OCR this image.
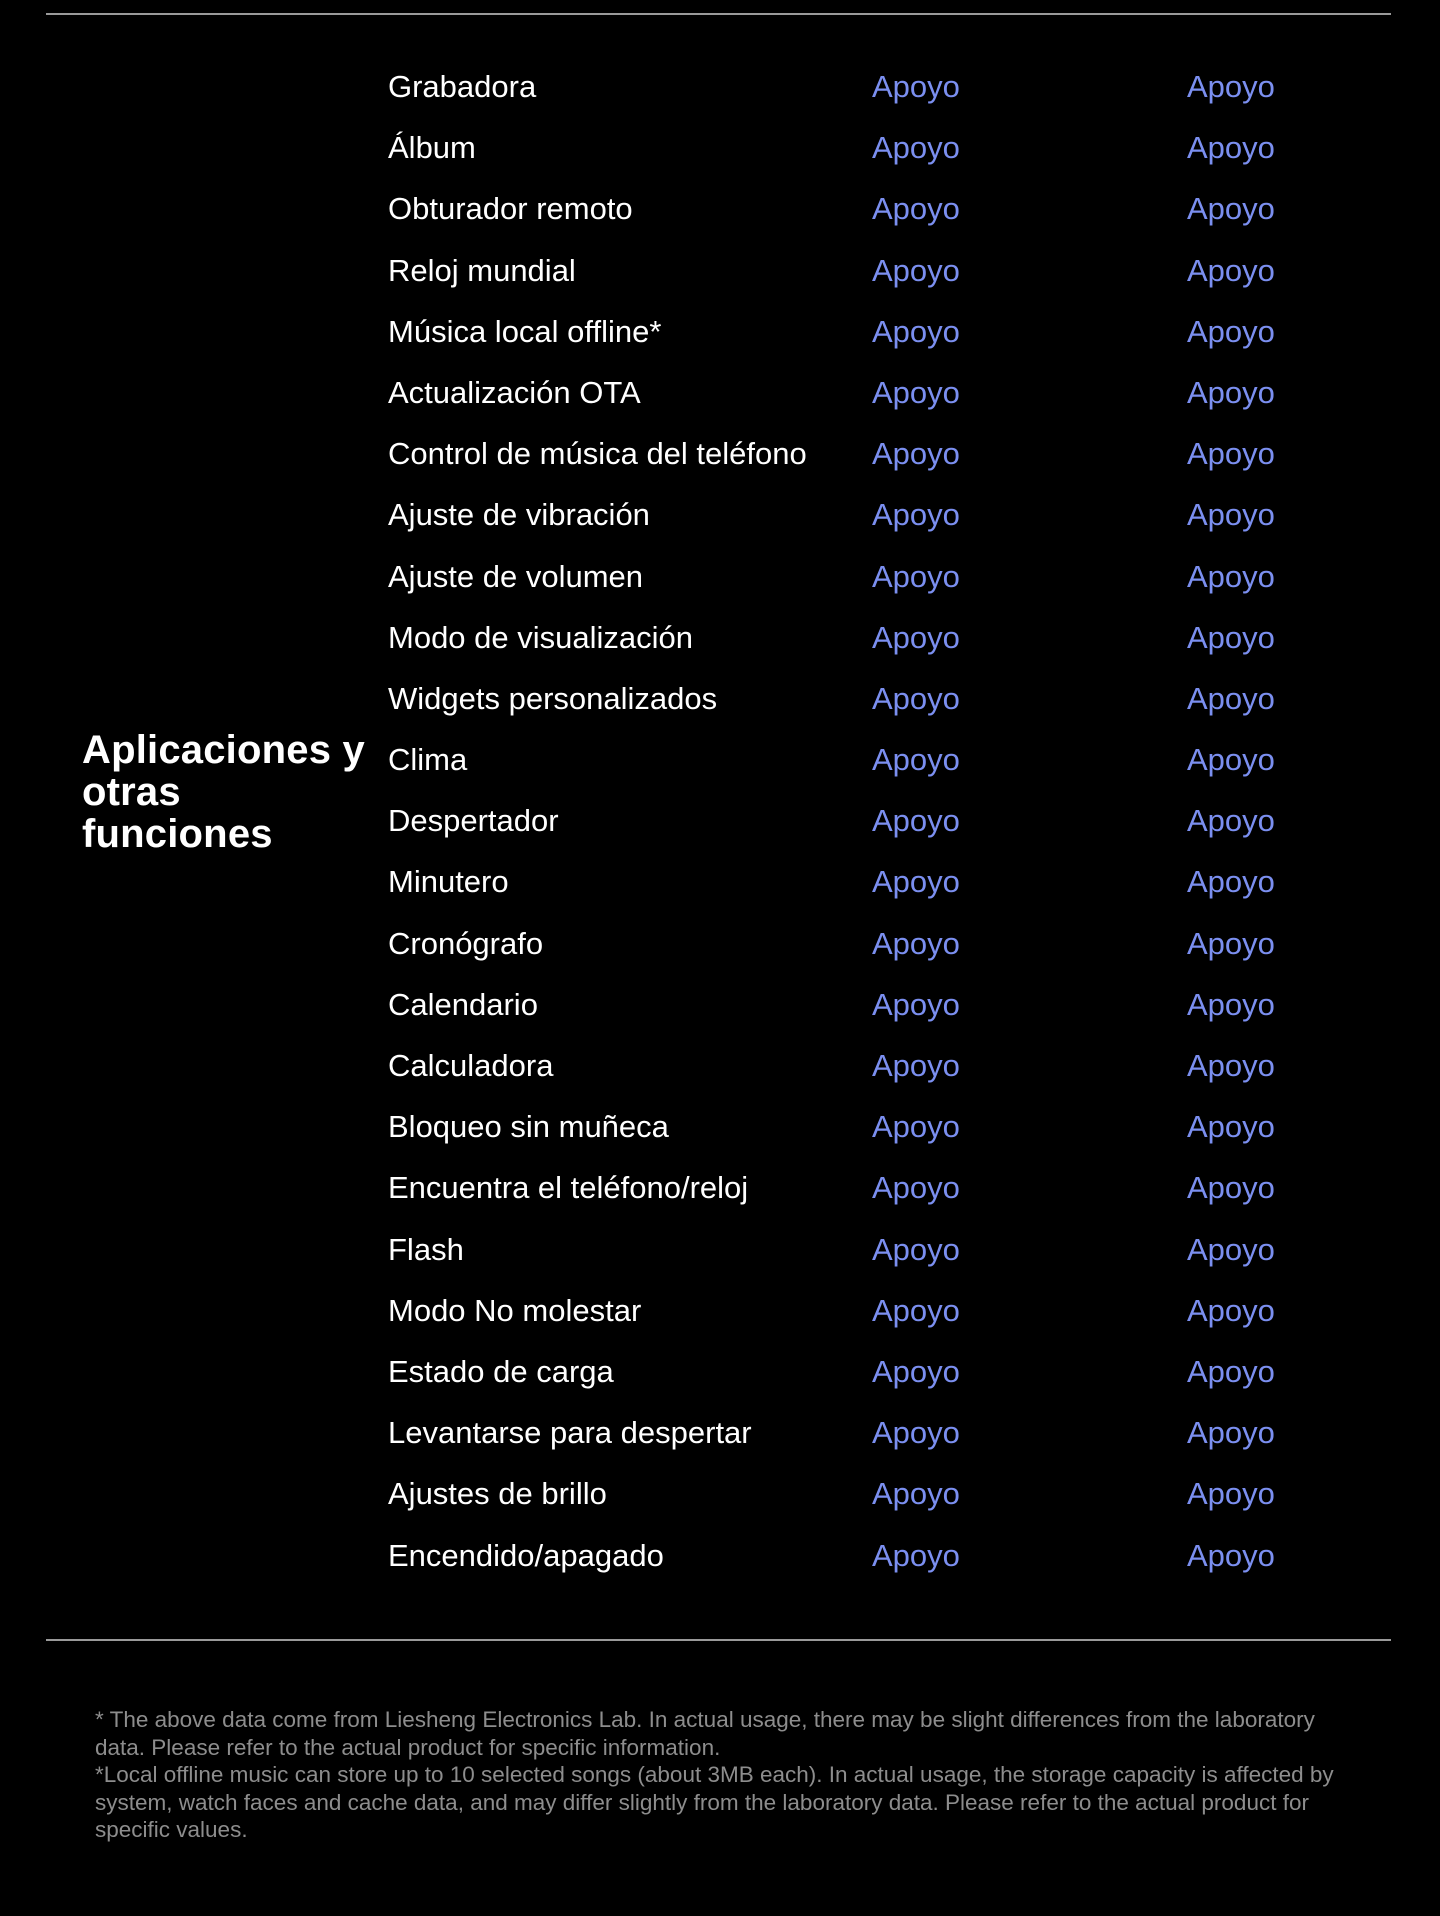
Aplicaciones y otras funciones
Grabadora	Apoyo	Apoyo
Álbum	Apoyo	Apoyo
Obturador remoto	Apoyo	Apoyo
Reloj mundial	Apoyo	Apoyo
Música local offline*	Apoyo	Apoyo
Actualización OTA	Apoyo	Apoyo
Control de música del teléfono Apoyo	Apoyo
Ajuste de vibración	Apoyo	Apoyo
Ajuste de volumen	Apoyo	Apoyo
Modo de visualización	Apoyo	Apoyo
Widgets personalizados	Apoyo	Apoyo
Clima	Apoyo	Apoyo
Despertador	Apoyo	Apoyo
Minutero	Apoyo	Apoyo
Cronógrafo	Apoyo	Apoyo
Calendario	Apoyo	Apoyo
Calculadora	Apoyo	Apoyo
Bloqueo sin muñeca	Apoyo	Apoyo
Encuentra el teléfono/reloj	Apoyo	Apoyo
Flash	Apoyo	Apoyo
Modo No molestar	Apoyo	Apoyo
Estado de carga	Apoyo	Apoyo
Levantarse para despertar	Apoyo	Apoyo
Ajustes de brillo	Apoyo	Apoyo
Encendido/apagado	Apoyo	Apoyo

* The above data come from Liesheng Electronics Lab. In actual usage, there may be slight differences from the laboratory data. Please refer to the actual product for specific information.

*Local offline music can store up to 10 selected songs (about 3MB each). In actual usage, the storage capacity is affected by system, watch faces and cache data, and may differ slightly from the laboratory data. Please refer to the actual product for specific values.
